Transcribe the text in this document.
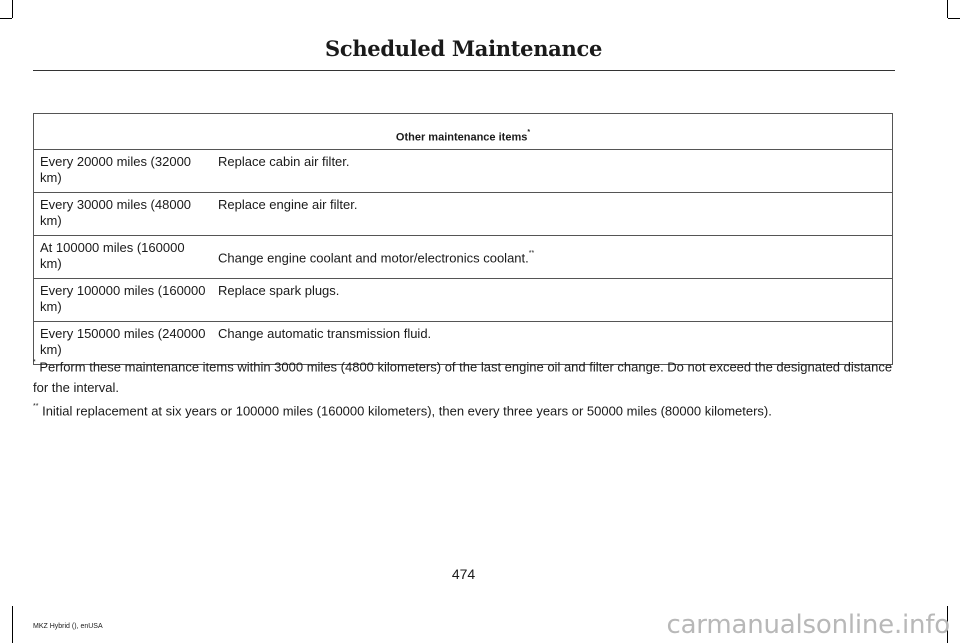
Scheduled Maintenance
Other maintenance items*
Every 20000 miles (32000 km)	Replace cabin air filter.
Every 30000 miles (48000 km)	Replace engine air filter.
At 100000 miles (160000 km)	Change engine coolant and motor/electronics coolant.**
Every 100000 miles (160000 km)	Replace spark plugs.
Every 150000 miles (240000 km)	Change automatic transmission fluid.

* Perform these maintenance items within 3000 miles (4800 kilometers) of the last engine oil and filter change. Do not exceed the designated distance for the interval.

** Initial replacement at six years or 100000 miles (160000 kilometers), then every three years or 50000 miles (80000 kilometers).

474
MKZ Hybrid (), enUSA	carmanualsonline.info
